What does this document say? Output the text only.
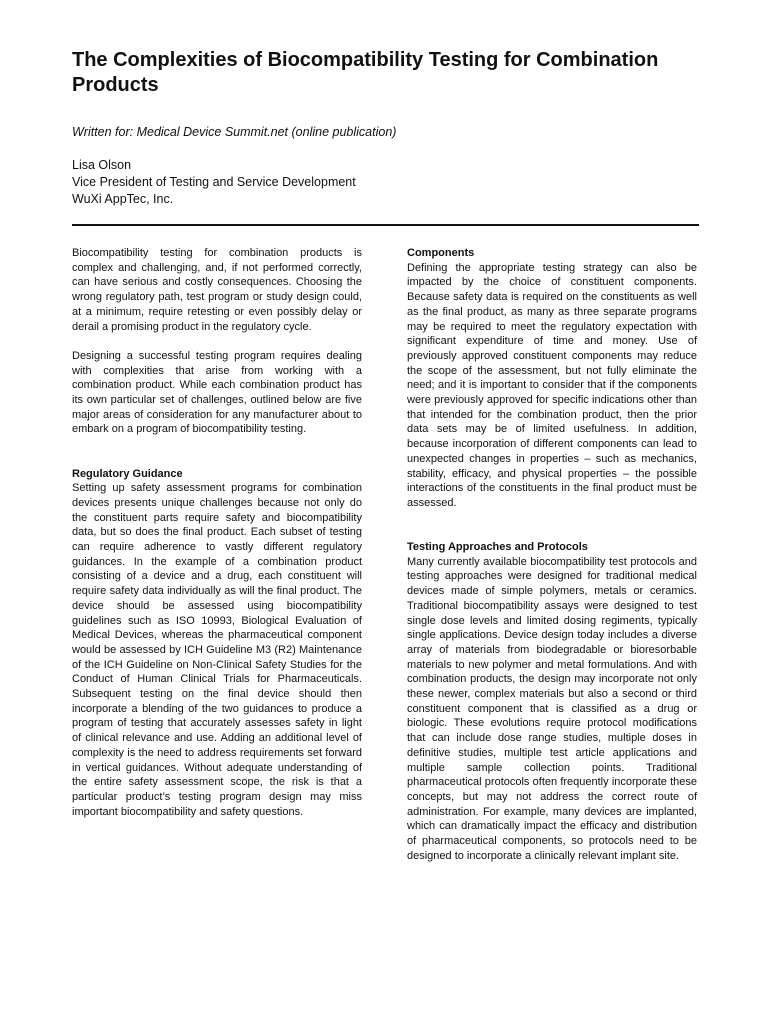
The Complexities of Biocompatibility Testing for Combination Products
Written for: Medical Device Summit.net (online publication)
Lisa Olson
Vice President of Testing and Service Development
WuXi AppTec, Inc.

Biocompatibility testing for combination products is complex and challenging, and, if not performed correctly, can have serious and costly consequences. Choosing the wrong regulatory path, test program or study design could, at a minimum, require retesting or even possibly delay or derail a promising product in the regulatory cycle.

Designing a successful testing program requires dealing with complexities that arise from working with a combination product. While each combination product has its own particular set of challenges, outlined below are five major areas of consideration for any manufacturer about to embark on a program of biocompatibility testing.

Regulatory Guidance

Setting up safety assessment programs for combination devices presents unique challenges because not only do the constituent parts require safety and biocompatibility data, but so does the final product. Each subset of testing can require adherence to vastly different regulatory guidances. In the example of a combination product consisting of a device and a drug, each constituent will require safety data individually as will the final product. The device should be assessed using biocompatibility guidelines such as ISO 10993, Biological Evaluation of Medical Devices, whereas the pharmaceutical component would be assessed by ICH Guideline M3 (R2) Maintenance of the ICH Guideline on Non-Clinical Safety Studies for the Conduct of Human Clinical Trials for Pharmaceuticals. Subsequent testing on the final device should then incorporate a blending of the two guidances to produce a program of testing that accurately assesses safety in light of clinical relevance and use. Adding an additional level of complexity is the need to address requirements set forward in vertical guidances. Without adequate understanding of the entire safety assessment scope, the risk is that a particular product’s testing program design may miss important biocompatibility and safety questions.

Components

Defining the appropriate testing strategy can also be impacted by the choice of constituent components. Because safety data is required on the constituents as well as the final product, as many as three separate programs may be required to meet the regulatory expectation with significant expenditure of time and money. Use of previously approved constituent components may reduce the scope of the assessment, but not fully eliminate the need; and it is important to consider that if the components were previously approved for specific indications other than that intended for the combination product, then the prior data sets may be of limited usefulness. In addition, because incorporation of different components can lead to unexpected changes in properties – such as mechanics, stability, efficacy, and physical properties – the possible interactions of the constituents in the final product must be assessed.

Testing Approaches and Protocols

Many currently available biocompatibility test protocols and testing approaches were designed for traditional medical devices made of simple polymers, metals or ceramics. Traditional biocompatibility assays were designed to test single dose levels and limited dosing regiments, typically single applications. Device design today includes a diverse array of materials from biodegradable or bioresorbable materials to new polymer and metal formulations. And with combination products, the design may incorporate not only these newer, complex materials but also a second or third constituent component that is classified as a drug or biologic. These evolutions require protocol modifications that can include dose range studies, multiple doses in definitive studies, multiple test article applications and multiple sample collection points. Traditional pharmaceutical protocols often frequently incorporate these concepts, but may not address the correct route of administration. For example, many devices are implanted, which can dramatically impact the efficacy and distribution of pharmaceutical components, so protocols need to be designed to incorporate a clinically relevant implant site.
